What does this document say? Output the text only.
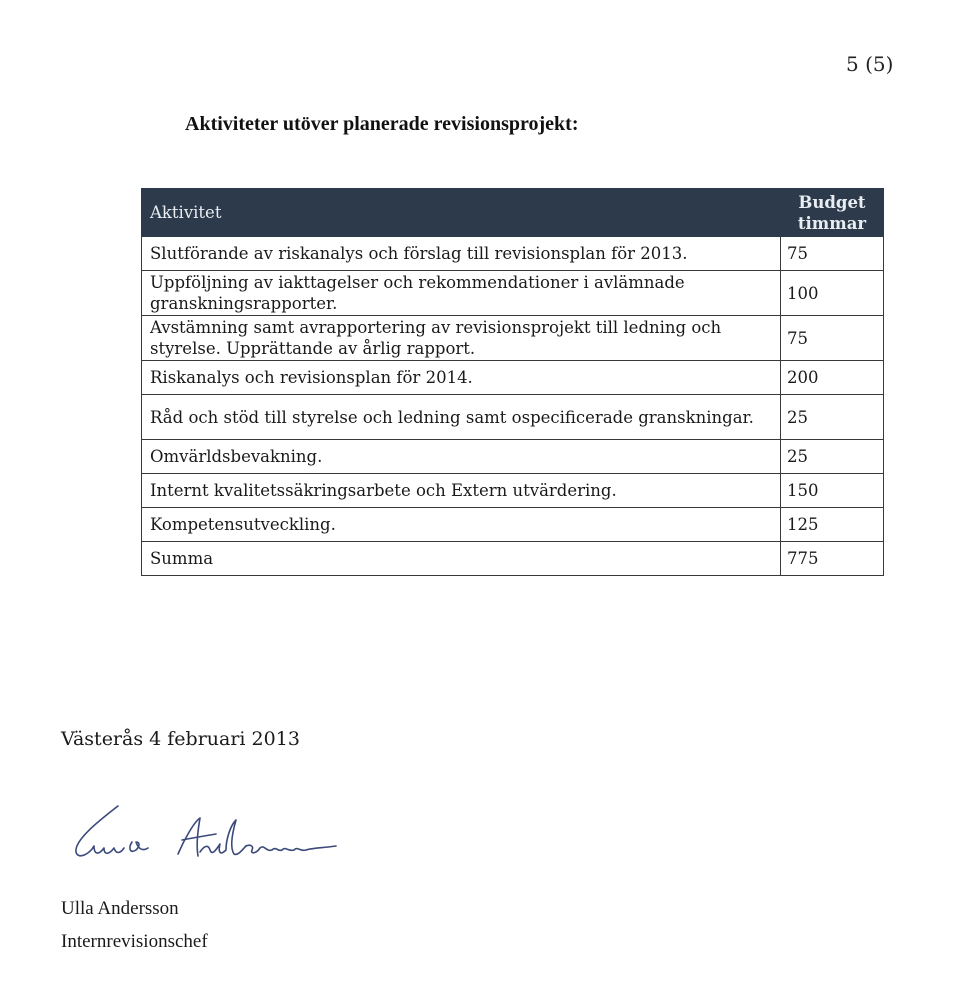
5 (5)
Aktiviteter utöver planerade revisionsprojekt:
Aktivitet	Budget
timmar

Slutförande av riskanalys och förslag till revisionsplan för 2013.	75
Uppföljning av iakttagelser och rekommendationer i avlämnade granskningsrapporter.	100
Avstämning samt avrapportering av revisionsprojekt till ledning och styrelse. Upprättande av årlig rapport.	75
Riskanalys och revisionsplan för 2014.	200
Råd och stöd till styrelse och ledning samt ospecificerade granskningar.	25
Omvärldsbevakning.	25
Internt kvalitetssäkringsarbete och Extern utvärdering.	150
Kompetensutveckling.	125
Summa	775
Västerås 4 februari 2013
Ulla Andersson
Internrevisionschef
